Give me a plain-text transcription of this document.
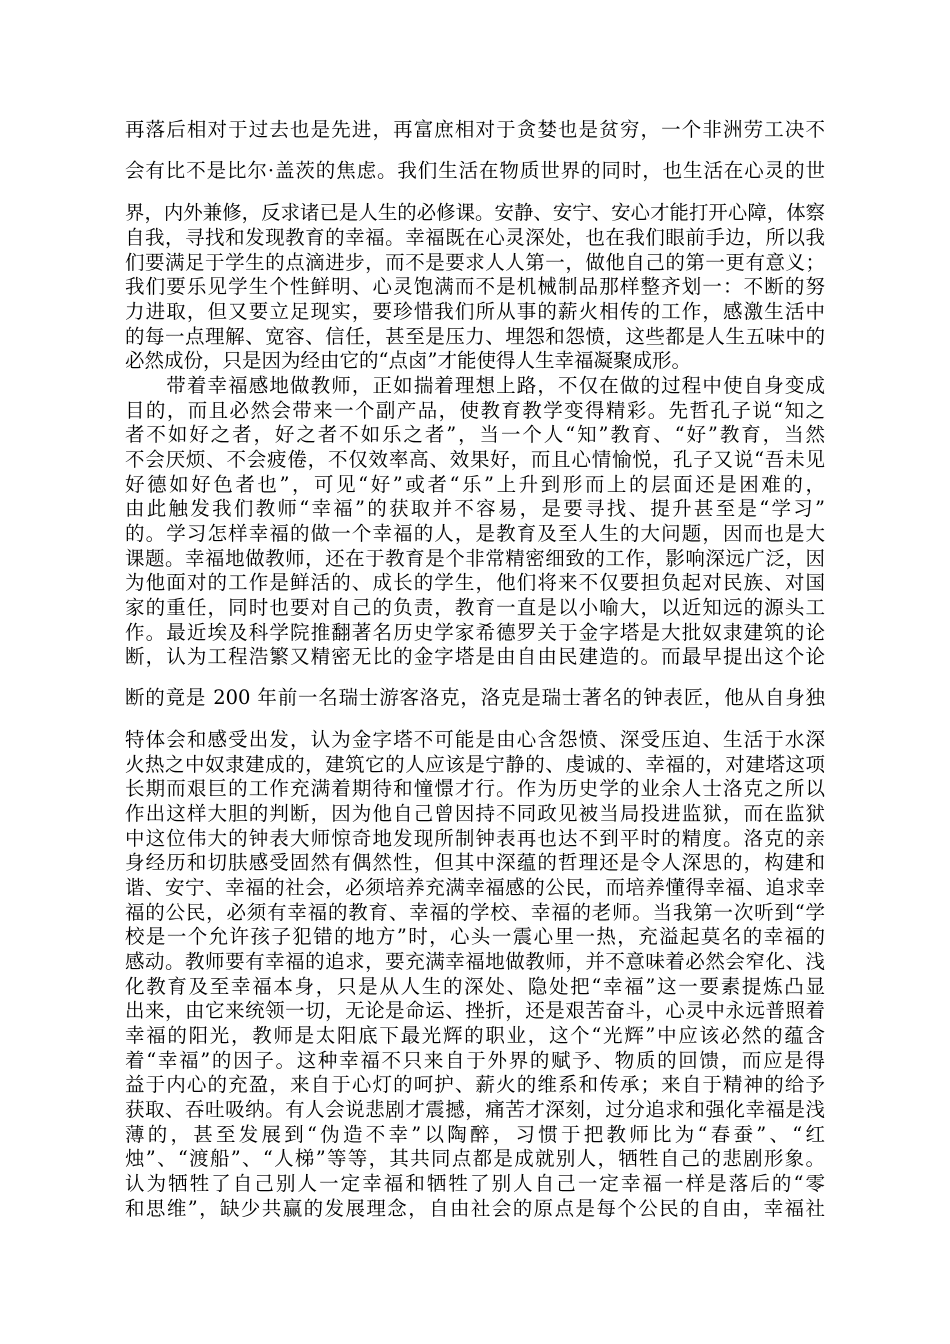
再落后相对于过去也是先进，再富庶相对于贪婪也是贫穷，一个非洲劳工决不
会有比不是比尔·盖茨的焦虑。我们生活在物质世界的同时，也生活在心灵的世
界，内外兼修，反求诸已是人生的必修课。安静、安宁、安心才能打开心障，体察
自我，寻找和发现教育的幸福。幸福既在心灵深处，也在我们眼前手边，所以我
们要满足于学生的点滴进步，而不是要求人人第一，做他自己的第一更有意义；
我们要乐见学生个性鲜明、心灵饱满而不是机械制品那样整齐划一：不断的努
力进取，但又要立足现实，要珍惜我们所从事的薪火相传的工作，感激生活中
的每一点理解、宽容、信任，甚至是压力、埋怨和怨愤，这些都是人生五味中的
必然成份，只是因为经由它的“点卤”才能使得人生幸福凝聚成形。
　　带着幸福感地做教师，正如揣着理想上路，不仅在做的过程中使自身变成
目的，而且必然会带来一个副产品，使教育教学变得精彩。先哲孔子说“知之
者不如好之者，好之者不如乐之者”，当一个人“知”教育、“好”教育，当然
不会厌烦、不会疲倦，不仅效率高、效果好，而且心情愉悦，孔子又说“吾未见
好德如好色者也”，可见“好”或者“乐”上升到形而上的层面还是困难的，
由此触发我们教师“幸福”的获取并不容易，是要寻找、提升甚至是“学习”
的。学习怎样幸福的做一个幸福的人，是教育及至人生的大问题，因而也是大
课题。幸福地做教师，还在于教育是个非常精密细致的工作，影响深远广泛，因
为他面对的工作是鲜活的、成长的学生，他们将来不仅要担负起对民族、对国
家的重任，同时也要对自己的负责，教育一直是以小喻大，以近知远的源头工
作。最近埃及科学院推翻著名历史学家希德罗关于金字塔是大批奴隶建筑的论
断，认为工程浩繁又精密无比的金字塔是由自由民建造的。而最早提出这个论
断的竟是 200 年前一名瑞士游客洛克，洛克是瑞士著名的钟表匠，他从自身独
特体会和感受出发，认为金字塔不可能是由心含怨愤、深受压迫、生活于水深
火热之中奴隶建成的，建筑它的人应该是宁静的、虔诚的、幸福的，对建塔这项
长期而艰巨的工作充满着期待和憧憬才行。作为历史学的业余人士洛克之所以
作出这样大胆的判断，因为他自己曾因持不同政见被当局投进监狱，而在监狱
中这位伟大的钟表大师惊奇地发现所制钟表再也达不到平时的精度。洛克的亲
身经历和切肤感受固然有偶然性，但其中深蕴的哲理还是令人深思的，构建和
谐、安宁、幸福的社会，必须培养充满幸福感的公民，而培养懂得幸福、追求幸
福的公民，必须有幸福的教育、幸福的学校、幸福的老师。当我第一次听到“学
校是一个允许孩子犯错的地方”时，心头一震心里一热，充溢起莫名的幸福的
感动。教师要有幸福的追求，要充满幸福地做教师，并不意味着必然会窄化、浅
化教育及至幸福本身，只是从人生的深处、隐处把“幸福”这一要素提炼凸显
出来，由它来统领一切，无论是命运、挫折，还是艰苦奋斗，心灵中永远普照着
幸福的阳光，教师是太阳底下最光辉的职业，这个“光辉”中应该必然的蕴含
着“幸福”的因子。这种幸福不只来自于外界的赋予、物质的回馈，而应是得
益于内心的充盈，来自于心灯的呵护、薪火的维系和传承；来自于精神的给予
获取、吞吐吸纳。有人会说悲剧才震撼，痛苦才深刻，过分追求和强化幸福是浅
薄的，甚至发展到“伪造不幸”以陶醉，习惯于把教师比为“春蚕”、“红
烛”、“渡船”、“人梯”等等，其共同点都是成就别人，牺牲自己的悲剧形象。
认为牺牲了自己别人一定幸福和牺牲了别人自己一定幸福一样是落后的“零
和思维”，缺少共赢的发展理念，自由社会的原点是每个公民的自由，幸福社
